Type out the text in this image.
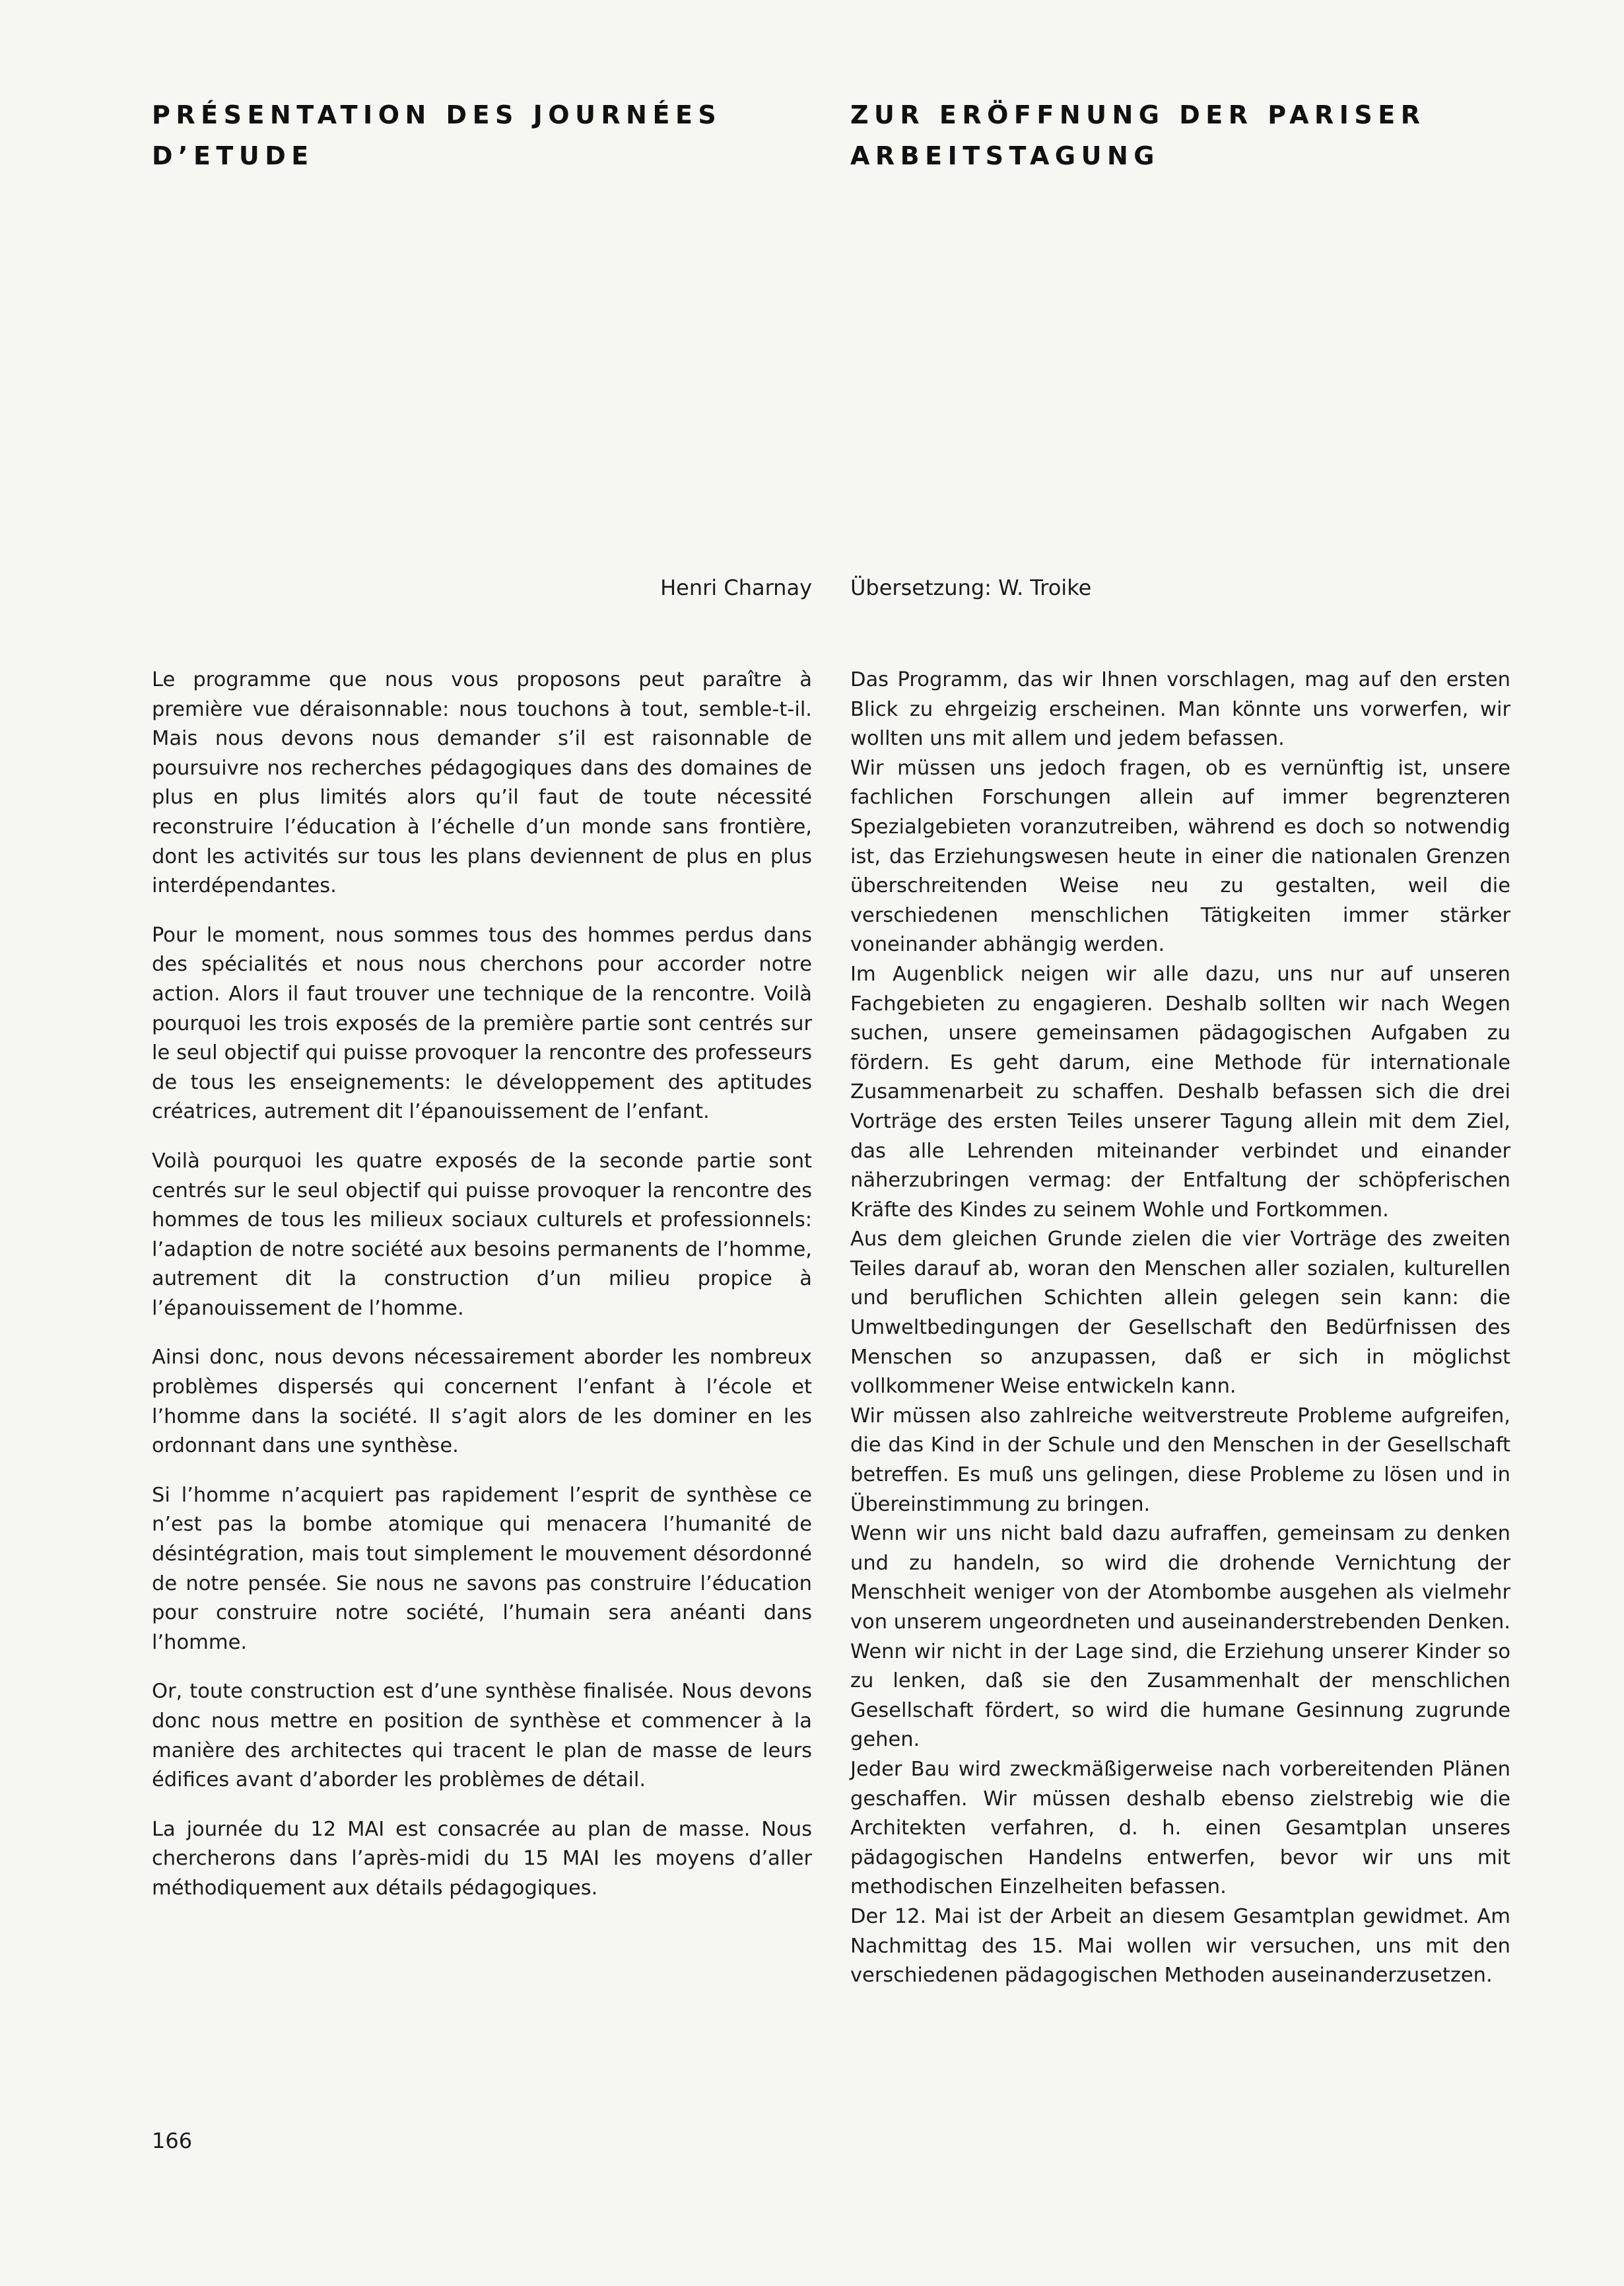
PRÉSENTATION DES JOURNÉES
D’ETUDE
ZUR ERÖFFNUNG DER PARISER
ARBEITSTAGUNG
Henri Charnay Übersetzung: W. Troike

Le programme que nous vous proposons peut paraître à première vue déraisonnable: nous touchons à tout, semble-t-il. Mais nous devons nous demander s’il est raisonnable de poursuivre nos recherches pédagogiques dans des domaines de plus en plus limités alors qu’il faut de toute nécessité reconstruire l’éducation à l’échelle d’un monde sans frontière, dont les activités sur tous les plans deviennent de plus en plus interdépendantes.

Pour le moment, nous sommes tous des hommes perdus dans des spécialités et nous nous cherchons pour accorder notre action. Alors il faut trouver une technique de la rencontre. Voilà pourquoi les trois exposés de la première partie sont centrés sur le seul objectif qui puisse provoquer la rencontre des professeurs de tous les enseignements: le développement des aptitudes créatrices, autrement dit l’épanouissement de l’enfant.

Voilà pourquoi les quatre exposés de la seconde partie sont centrés sur le seul objectif qui puisse provoquer la rencontre des hommes de tous les milieux sociaux culturels et professionnels: l’adaption de notre société aux besoins permanents de l’homme, autrement dit la construction d’un milieu propice à l’épanouissement de l’homme.

Ainsi donc, nous devons nécessairement aborder les nombreux problèmes dispersés qui concernent l’enfant à l’école et l’homme dans la société. Il s’agit alors de les dominer en les ordonnant dans une synthèse.

Si l’homme n’acquiert pas rapidement l’esprit de synthèse ce n’est pas la bombe atomique qui menacera l’humanité de désintégration, mais tout simplement le mouvement désordonné de notre pensée. Sie nous ne savons pas construire l’éducation pour construire notre société, l’humain sera anéanti dans l’homme.

Or, toute construction est d’une synthèse finalisée. Nous devons donc nous mettre en position de synthèse et commencer à la manière des architectes qui tracent le plan de masse de leurs édifices avant d’aborder les problèmes de détail.

La journée du 12 MAI est consacrée au plan de masse. Nous chercherons dans l’après-midi du 15 MAI les moyens d’aller méthodiquement aux détails pédagogiques.

Das Programm, das wir Ihnen vorschlagen, mag auf den ersten Blick zu ehrgeizig erscheinen. Man könnte uns vorwerfen, wir wollten uns mit allem und jedem befassen.

Wir müssen uns jedoch fragen, ob es vernünftig ist, unsere fachlichen Forschungen allein auf immer begrenzteren Spezialgebieten voranzutreiben, während es doch so notwendig ist, das Erziehungswesen heute in einer die nationalen Grenzen überschreitenden Weise neu zu gestalten, weil die verschiedenen menschlichen Tätigkeiten immer stärker voneinander abhängig werden.

Im Augenblick neigen wir alle dazu, uns nur auf unseren Fachgebieten zu engagieren. Deshalb sollten wir nach Wegen suchen, unsere gemeinsamen pädagogischen Aufgaben zu fördern. Es geht darum, eine Methode für internationale Zusammenarbeit zu schaffen. Deshalb befassen sich die drei Vorträge des ersten Teiles unserer Tagung allein mit dem Ziel, das alle Lehrenden miteinander verbindet und einander näherzubringen vermag: der Entfaltung der schöpferischen Kräfte des Kindes zu seinem Wohle und Fortkommen.

Aus dem gleichen Grunde zielen die vier Vorträge des zweiten Teiles darauf ab, woran den Menschen aller sozialen, kulturellen und beruflichen Schichten allein gelegen sein kann: die Umweltbedingungen der Gesellschaft den Bedürfnissen des Menschen so anzupassen, daß er sich in möglichst vollkommener Weise entwickeln kann.

Wir müssen also zahlreiche weitverstreute Probleme aufgreifen, die das Kind in der Schule und den Menschen in der Gesellschaft betreffen. Es muß uns gelingen, diese Probleme zu lösen und in Übereinstimmung zu bringen.

Wenn wir uns nicht bald dazu aufraffen, gemeinsam zu denken und zu handeln, so wird die drohende Vernichtung der Menschheit weniger von der Atombombe ausgehen als vielmehr von unserem ungeordneten und auseinanderstrebenden Denken. Wenn wir nicht in der Lage sind, die Erziehung unserer Kinder so zu lenken, daß sie den Zusammenhalt der menschlichen Gesellschaft fördert, so wird die humane Gesinnung zugrunde gehen.

Jeder Bau wird zweckmäßigerweise nach vorbereitenden Plänen geschaffen. Wir müssen deshalb ebenso zielstrebig wie die Architekten verfahren, d. h. einen Gesamtplan unseres pädagogischen Handelns entwerfen, bevor wir uns mit methodischen Einzelheiten befassen.

Der 12. Mai ist der Arbeit an diesem Gesamtplan gewidmet. Am Nachmittag des 15. Mai wollen wir versuchen, uns mit den verschiedenen pädagogischen Methoden auseinanderzusetzen.

166
